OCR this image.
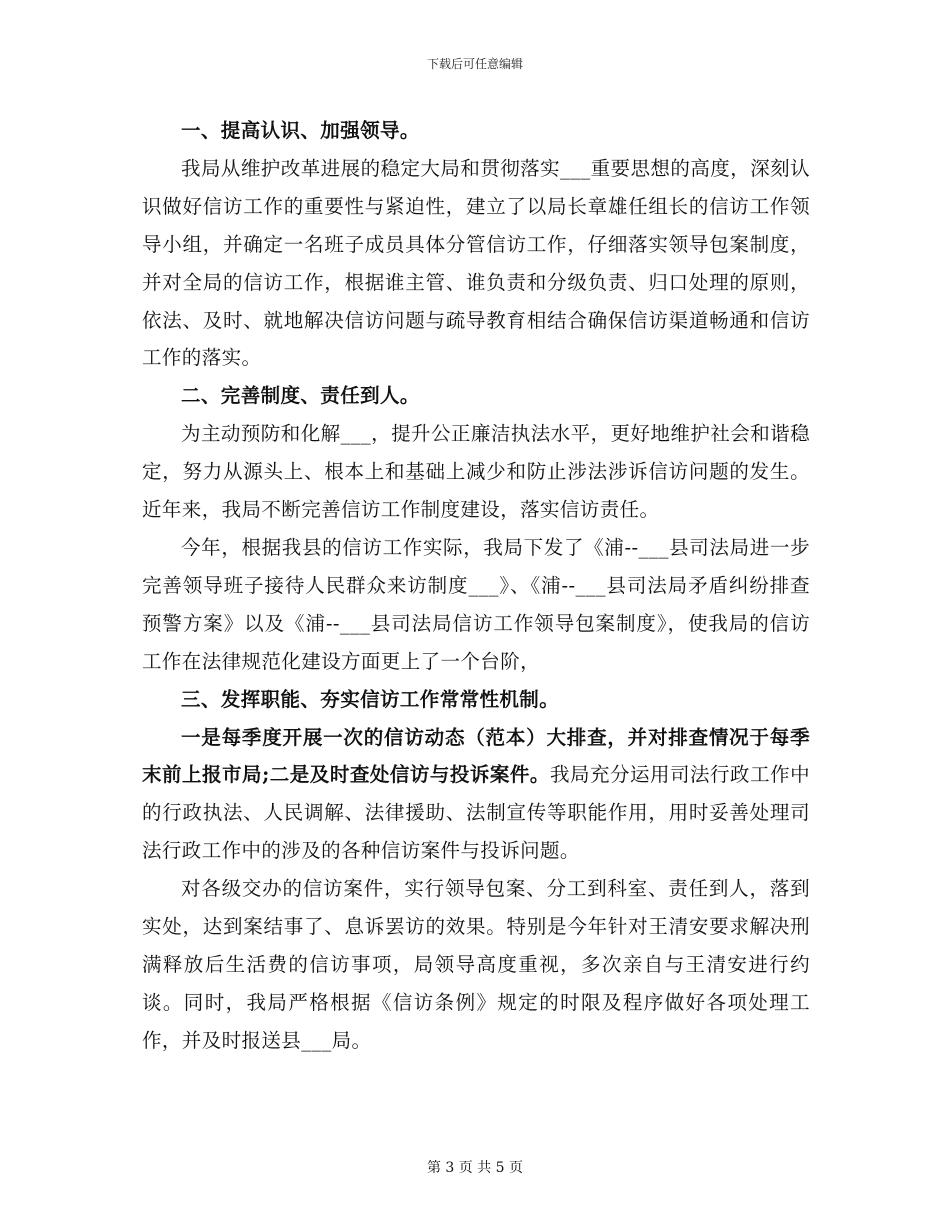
下载后可任意编辑

一、提高认识、加强领导。

我局从维护改革进展的稳定大局和贯彻落实___重要思想的高度，深刻认识做好信访工作的重要性与紧迫性，建立了以局长章雄任组长的信访工作领导小组，并确定一名班子成员具体分管信访工作，仔细落实领导包案制度，并对全局的信访工作，根据谁主管、谁负责和分级负责、归口处理的原则，依法、及时、就地解决信访问题与疏导教育相结合确保信访渠道畅通和信访工作的落实。

二、完善制度、责任到人。

为主动预防和化解___，提升公正廉洁执法水平，更好地维护社会和谐稳定，努力从源头上、根本上和基础上减少和防止涉法涉诉信访问题的发生。近年来，我局不断完善信访工作制度建设，落实信访责任。

今年，根据我县的信访工作实际，我局下发了《浦--___县司法局进一步完善领导班子接待人民群众来访制度___》、《浦--___县司法局矛盾纠纷排查预警方案》以及《浦--___县司法局信访工作领导包案制度》，使我局的信访工作在法律规范化建设方面更上了一个台阶，

三、发挥职能、夯实信访工作常常性机制。

一是每季度开展一次的信访动态（范本）大排查，并对排查情况于每季末前上报市局;二是及时查处信访与投诉案件。我局充分运用司法行政工作中的行政执法、人民调解、法律援助、法制宣传等职能作用，用时妥善处理司法行政工作中的涉及的各种信访案件与投诉问题。

对各级交办的信访案件，实行领导包案、分工到科室、责任到人，落到实处，达到案结事了、息诉罢访的效果。特别是今年针对王清安要求解决刑满释放后生活费的信访事项，局领导高度重视，多次亲自与王清安进行约谈。同时，我局严格根据《信访条例》规定的时限及程序做好各项处理工作，并及时报送县___局。

第 3 页 共 5 页
